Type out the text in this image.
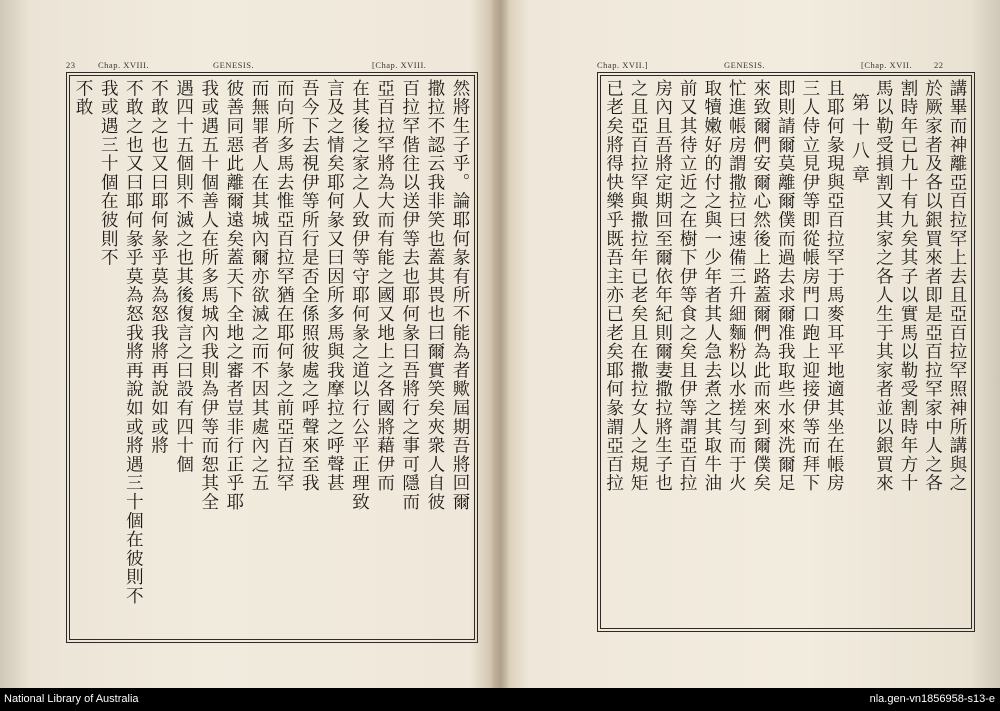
23	Chap. XVIII.	GENESIS.	[Chap. XVIII.
然將生子乎。論耶何彖有所不能為者歟屆期吾將回爾
撒拉不認云我非笑也蓋其畏也曰爾實笑矣夾衆人自彼
百拉罕偕往以送伊等去也耶何彖曰吾將行之事可隱而
亞百拉罕將為大而有能之國又地上之各國將藉伊而
在其後之家之人致伊等守耶何彖之道以行公平正理致
言及之情矣耶何彖又曰因所多馬與我摩拉之呼聲甚
吾今下去視伊等所行是否全係照彼處之呼聲來至我
而向所多馬去惟亞百拉罕猶在耶何彖之前亞百拉罕
而無罪者人在其城內爾亦欲滅之而不因其處內之五
彼善同惡此離爾遠矣蓋天下全地之審者豈非行正乎耶
我或遇五十個善人在所多馬城內我則為伊等而恕其全
遇四十五個則不滅之也其後復言之曰設有四十個
不敢之也又曰耶何彖乎莫為怒我將再說如或將
不敢之也又曰耶何彖乎莫為怒我將再說如或將遇三十個在彼則不
我或遇三十個在彼則不
不敢
Chap. XVII.]	GENESIS.	[Chap. XVII.	22
講畢而神離亞百拉罕上去且亞百拉罕照神所講與之
於厥家者及各以銀買來者即是亞百拉罕家中人之各
割時年已九十有九矣其子以實馬以勒受割時年方十
馬以勒受損割又其家之各人生于其家者並以銀買來
第十八章
且耶何彖現與亞百拉罕于馬麥耳平地適其坐在帳房
三人侍立見伊等即從帳房門口跑上迎接伊等而拜下
即則請爾莫離爾僕而過去求爾准我取些水來洗爾足
來致爾們安爾心然後上路蓋爾們為此而來到爾僕矣
忙進帳房謂撒拉曰速備三升細麵粉以水搓勻而于火
取犢嫩好的付之與一少年者其人急去煮之其取牛油
前又其待立近之在樹下伊等食之矣且伊等謂亞百拉
房內且吾將定期回至爾依年紀則爾妻撒拉將生子也
之且亞百拉罕與撒拉年已老矣且在撒拉女人之規矩
已老矣將得快樂乎既吾主亦已老矣耶何彖謂亞百拉
National Library of Australia	nla.gen-vn1856958-s13-e
